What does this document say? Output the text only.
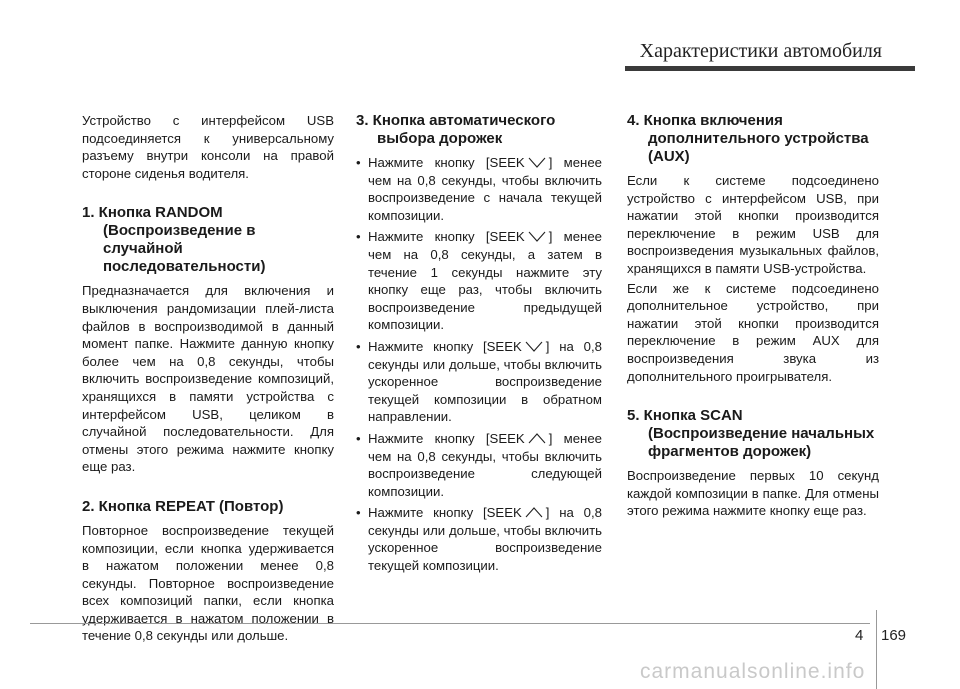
Характеристики автомобиля

Устройство с интерфейсом USB подсоединяется к универсальному разъему внутри консоли на правой стороне сиденья водителя.

1. Кнопка RANDOM
(Воспроизведение в случайной
последовательности)

Предназначается для включения и выключения рандомизации плей-листа файлов в воспроизводимой в данный момент папке. Нажмите данную кнопку более чем на 0,8 секунды, чтобы включить воспроизведение композиций, хранящихся в памяти устройства с интерфейсом USB, целиком в случайной последовательности. Для отмены этого режима нажмите кнопку еще раз.

2. Кнопка REPEAT (Повтор)

Повторное воспроизведение текущей композиции, если кнопка удерживается в нажатом положении менее 0,8 секунды. Повторное воспроизведение всех композиций папки, если кнопка удерживается в нажатом положении в течение 0,8 секунды или дольше.

3. Кнопка автоматического
выбора дорожек
• Нажмите кнопку [SEEK ] менее чем на 0,8 секунды, чтобы включить воспроизведение с начала текущей композиции.
• Нажмите кнопку [SEEK ] менее чем на 0,8 секунды, а затем в течение 1 секунды нажмите эту кнопку еще раз, чтобы включить воспроизведение предыдущей композиции.
• Нажмите кнопку [SEEK ] на 0,8 секунды или дольше, чтобы включить ускоренное воспроизведение текущей композиции в обратном направлении.
• Нажмите кнопку [SEEK ] менее чем на 0,8 секунды, чтобы включить воспроизведение следующей композиции.
• Нажмите кнопку [SEEK ] на 0,8 секунды или дольше, чтобы включить ускоренное воспроизведение текущей композиции.
4. Кнопка включения
дополнительного устройства
(AUX)

Если к системе подсоединено устройство с интерфейсом USB, при нажатии этой кнопки производится переключение в режим USB для воспроизведения музыкальных файлов, хранящихся в памяти USB-устройства.

Если же к системе подсоединено дополнительное устройство, при нажатии этой кнопки производится переключение в режим AUX для воспроизведения звука из дополнительного проигрывателя.

5. Кнопка SCAN
(Воспроизведение начальных
фрагментов дорожек)

Воспроизведение первых 10 секунд каждой композиции в папке. Для отмены этого режима нажмите кнопку еще раз.

4 169
carmanualsonline.info
